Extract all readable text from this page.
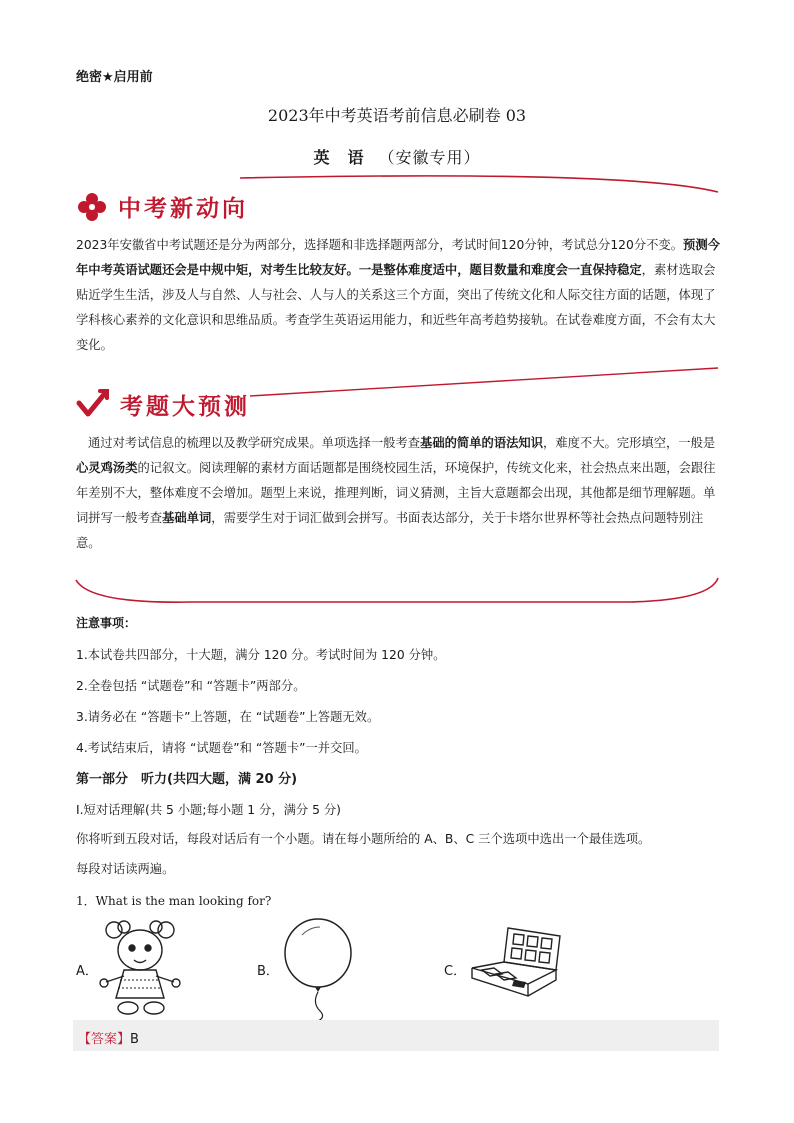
绝密★启用前
2023年中考英语考前信息必刷卷 03
英　语 （安徽专用）
中考新动向
2023年安徽省中考试题还是分为两部分，选择题和非选择题两部分，考试时间120分钟，考试总分120分不变。预测今年中考英语试题还会是中规中矩，对考生比较友好。一是整体难度适中，题目数量和难度会一直保持稳定，素材选取会贴近学生生活，涉及人与自然、人与社会、人与人的关系这三个方面，突出了传统文化和人际交往方面的话题，体现了学科核心素养的文化意识和思维品质。考查学生英语运用能力，和近些年高考趋势接轨。在试卷难度方面，不会有太大变化。
考题大预测
通过对考试信息的梳理以及教学研究成果。单项选择一般考查基础的简单的语法知识，难度不大。完形填空，一般是心灵鸡汤类的记叙文。阅读理解的素材方面话题都是围绕校园生活，环境保护，传统文化来，社会热点来出题，会跟往年差别不大，整体难度不会增加。题型上来说，推理判断，词义猜测，主旨大意题都会出现，其他都是细节理解题。单词拼写一般考查基础单词，需要学生对于词汇做到会拼写。书面表达部分，关于卡塔尔世界杯等社会热点问题特别注意。
注意事项：
1.本试卷共四部分，十大题，满分 120 分。考试时间为 120 分钟。
2.全卷包括 “试题卷”和 “答题卡”两部分。
3.请务必在 “答题卡”上答题，在 “试题卷”上答题无效。
4.考试结束后，请将 “试题卷”和 “答题卡”一并交回。
第一部分　听力(共四大题，满 20 分)
Ⅰ.短对话理解(共 5 小题;每小题 1 分，满分 5 分)
你将听到五段对话，每段对话后有一个小题。请在每小题所给的 A、B、C 三个选项中选出一个最佳选项。
每段对话读两遍。
1．What is the man looking for?
A．	B．	C．
【答案】B
